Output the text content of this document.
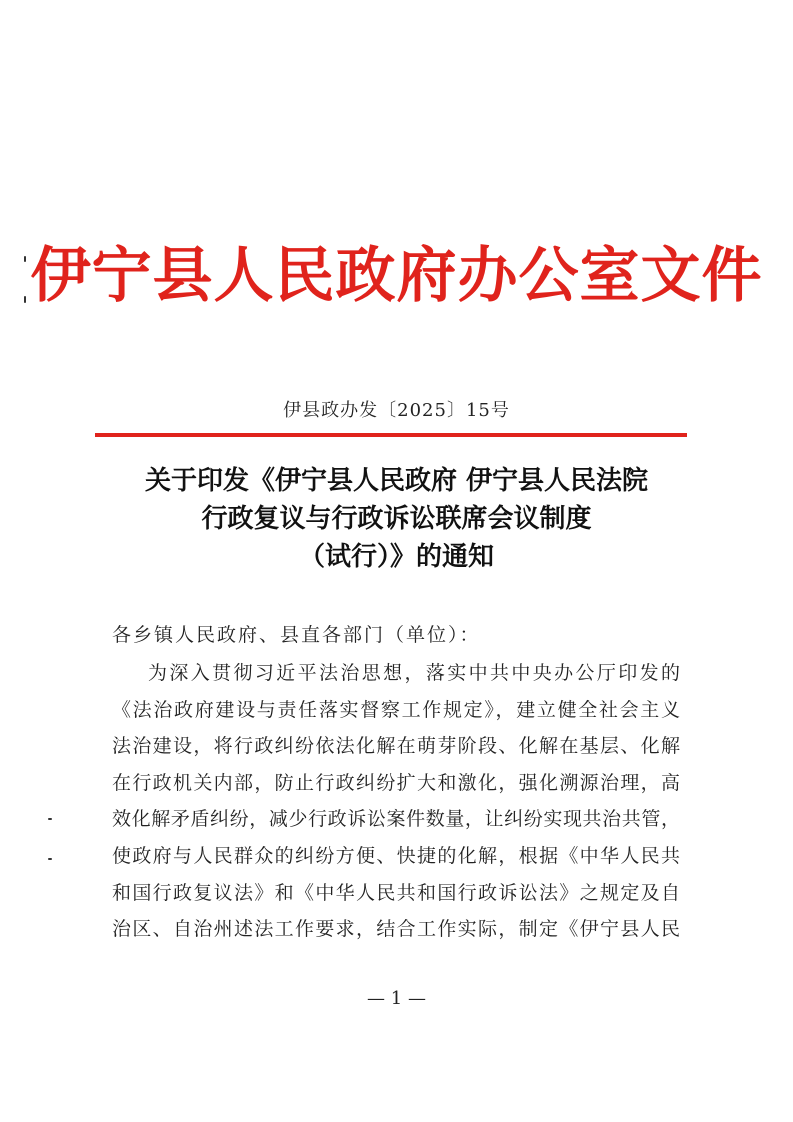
伊宁县人民政府办公室文件
伊县政办发〔2025〕15号
关于印发《伊宁县人民政府 伊宁县人民法院
行政复议与行政诉讼联席会议制度
（试行）》的通知
各乡镇人民政府、县直各部门（单位）：
为深入贯彻习近平法治思想，落实中共中央办公厅印发的
《法治政府建设与责任落实督察工作规定》，建立健全社会主义
法治建设，将行政纠纷依法化解在萌芽阶段、化解在基层、化解
在行政机关内部，防止行政纠纷扩大和激化，强化溯源治理，高
效化解矛盾纠纷，减少行政诉讼案件数量，让纠纷实现共治共管，
使政府与人民群众的纠纷方便、快捷的化解，根据《中华人民共
和国行政复议法》和《中华人民共和国行政诉讼法》之规定及自
治区、自治州述法工作要求，结合工作实际，制定《伊宁县人民
— 1 —
